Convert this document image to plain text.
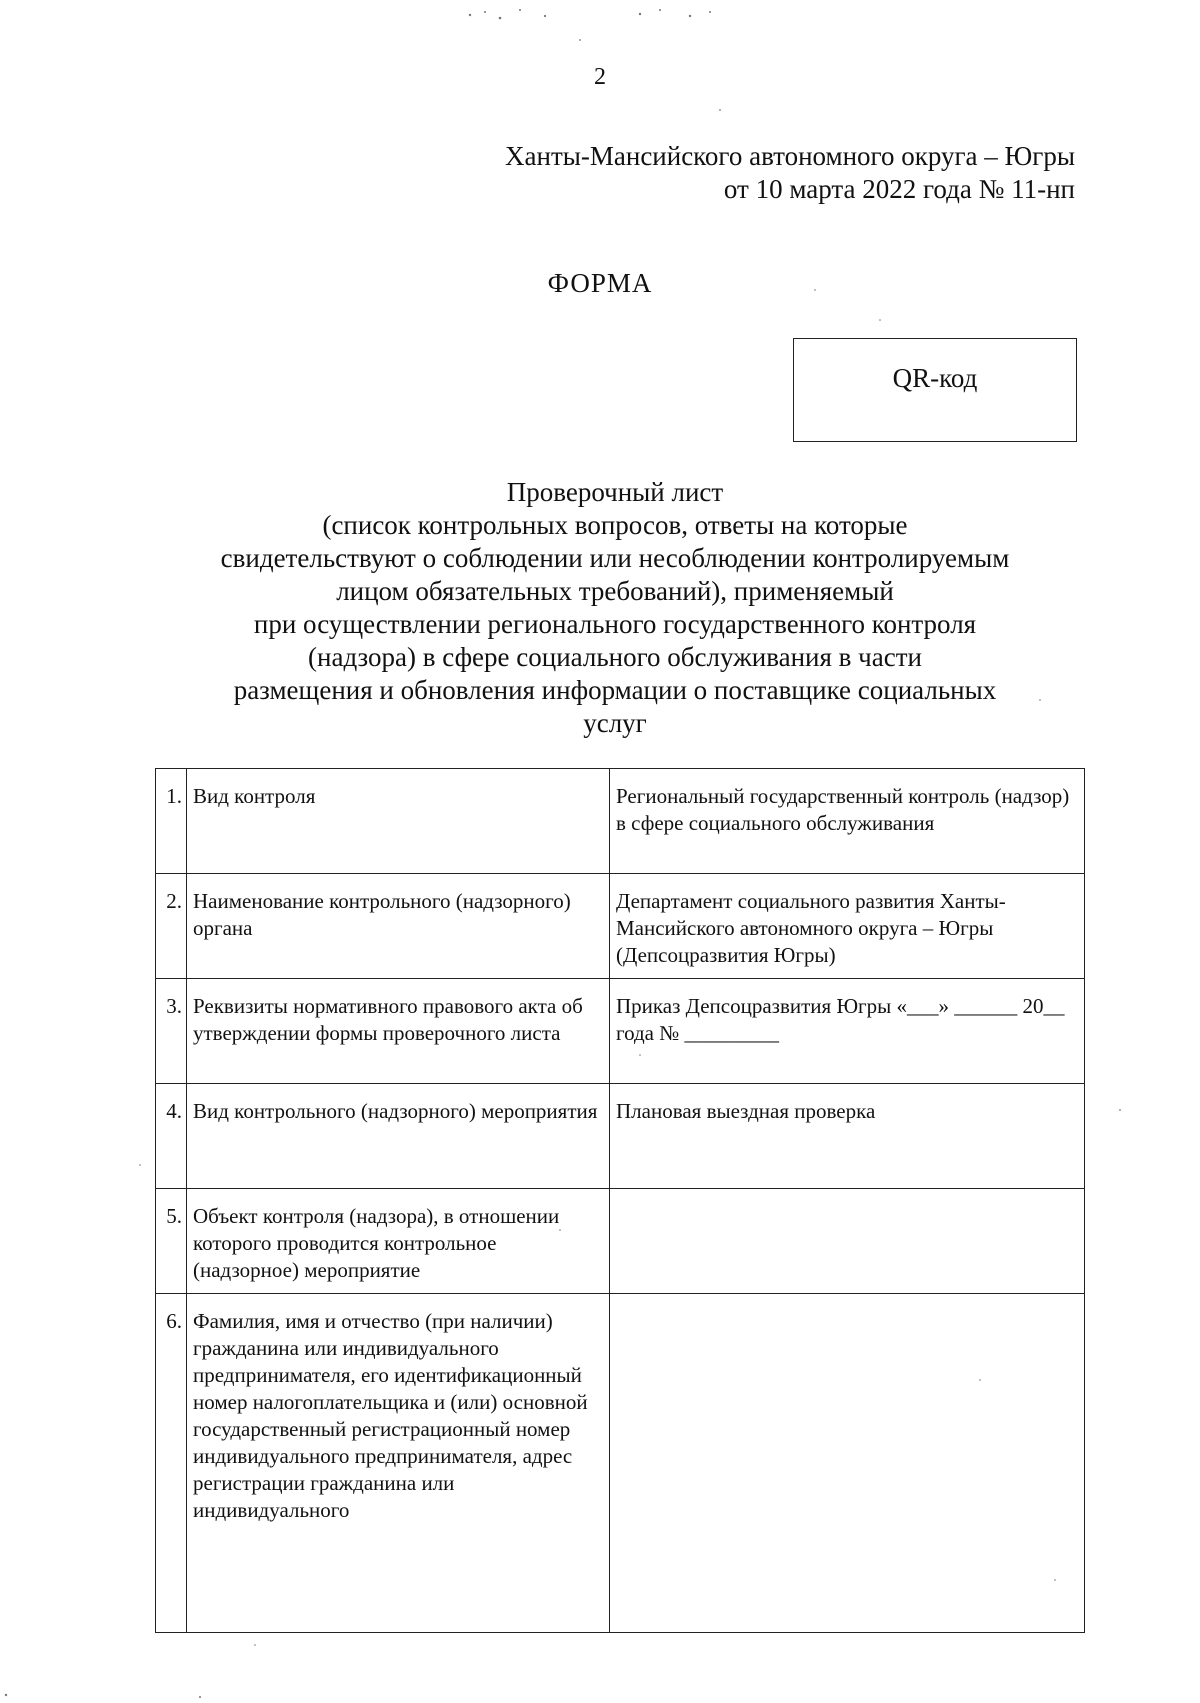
2
Ханты-Мансийского автономного округа – Югры
от 10 марта 2022 года № 11-нп
ФОРМА
QR-код
Проверочный лист
(список контрольных вопросов, ответы на которые
свидетельствуют о соблюдении или несоблюдении контролируемым
лицом обязательных требований), применяемый
при осуществлении регионального государственного контроля
(надзора) в сфере социального обслуживания в части
размещения и обновления информации о поставщике социальных
услуг
1.	Вид контроля	Региональный государственный контроль (надзор) в сфере социального обслуживания
2.	Наименование контрольного (надзорного) органа	Департамент социального развития Ханты-Мансийского автономного округа – Югры (Депсоцразвития Югры)
3.	Реквизиты нормативного правового акта об утверждении формы проверочного листа	Приказ Депсоцразвития Югры «___» ______ 20__ года № _________
4.	Вид контрольного (надзорного) мероприятия	Плановая выездная проверка
5.	Объект контроля (надзора), в отношении которого проводится контрольное (надзорное) мероприятие	
6.	Фамилия, имя и отчество (при наличии) гражданина или индивидуального предпринимателя, его идентификационный номер налогоплательщика и (или) основной государственный регистрационный номер индивидуального предпринимателя, адрес регистрации гражданина или индивидуального	
